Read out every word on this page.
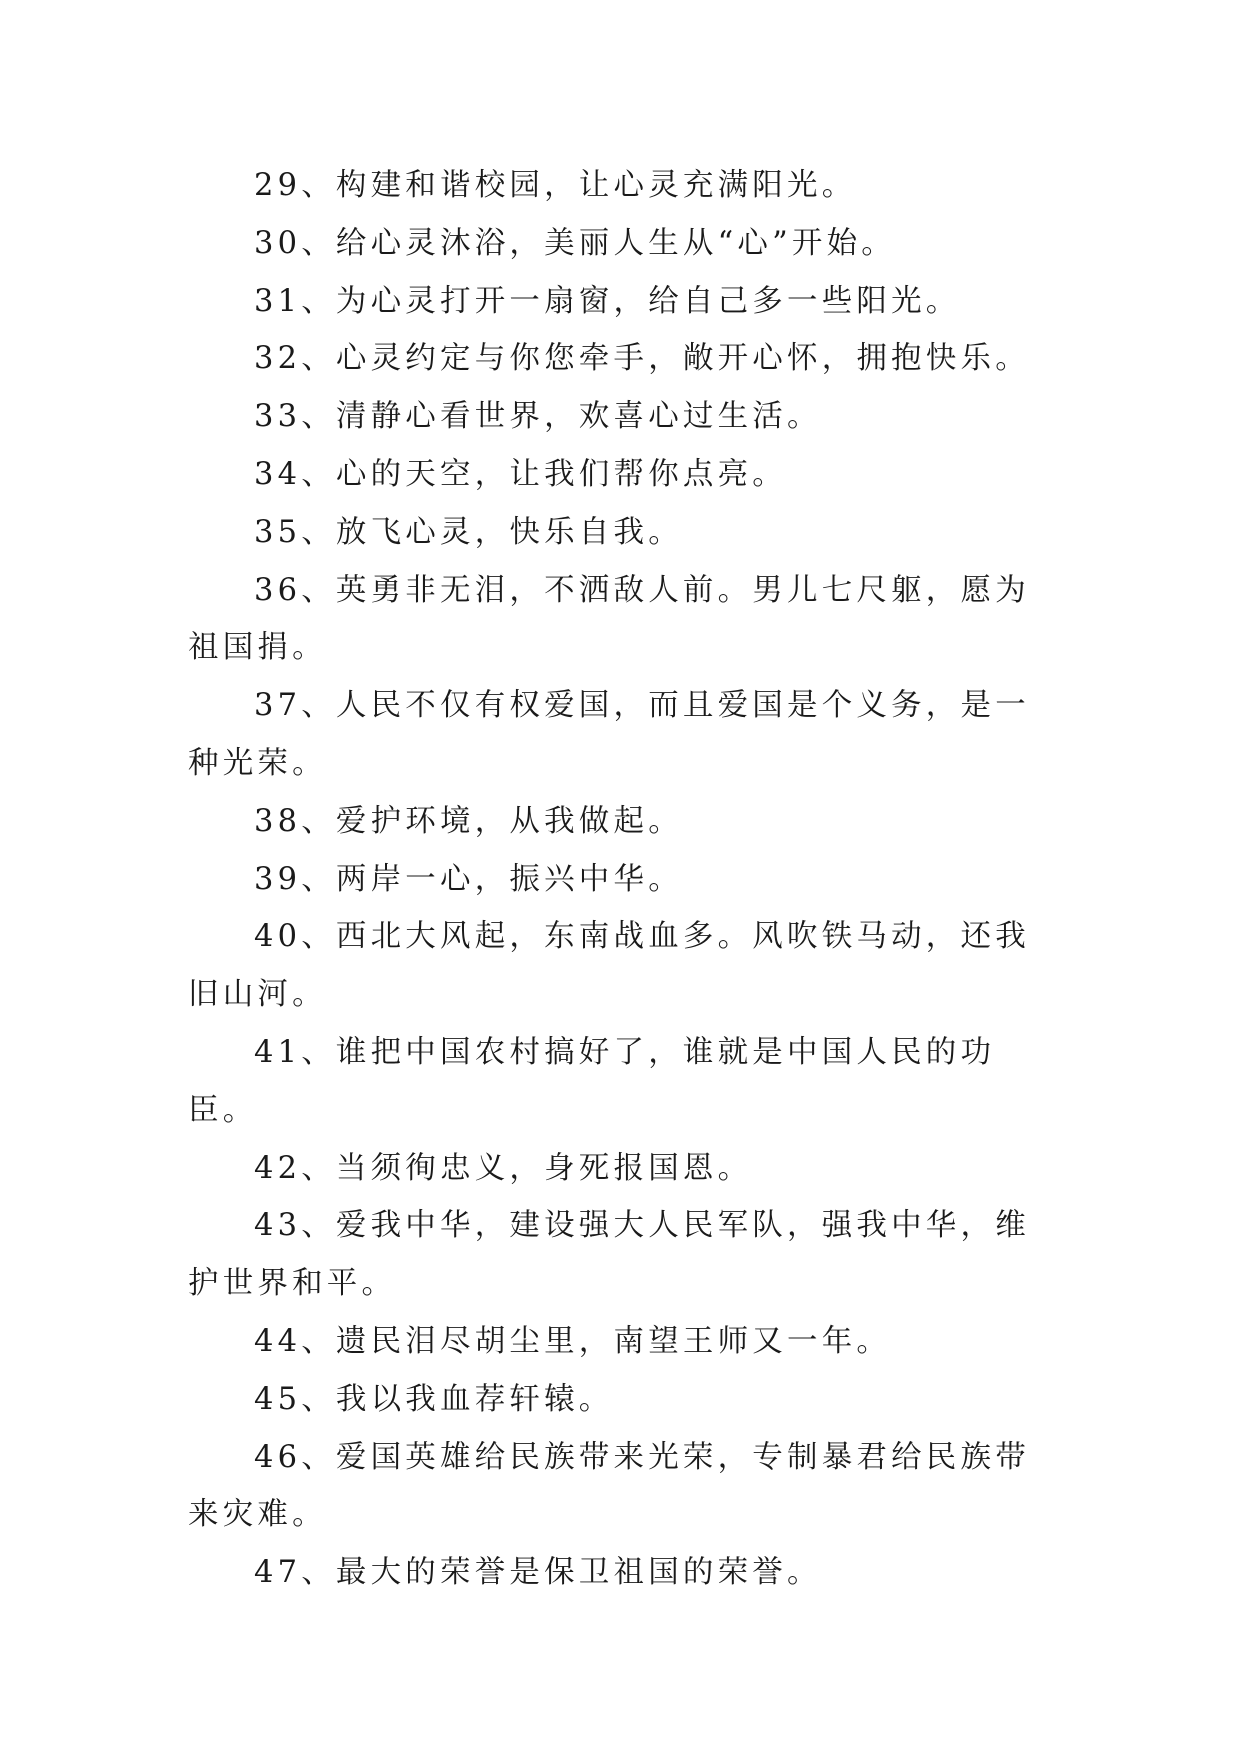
29、构建和谐校园，让心灵充满阳光。

30、给心灵沐浴，美丽人生从“心”开始。

31、为心灵打开一扇窗，给自己多一些阳光。

32、心灵约定与你您牵手，敞开心怀，拥抱快乐。

33、清静心看世界，欢喜心过生活。

34、心的天空，让我们帮你点亮。

35、放飞心灵，快乐自我。

36、英勇非无泪，不洒敌人前。男儿七尺躯，愿为祖国捐。

37、人民不仅有权爱国，而且爱国是个义务，是一种光荣。

38、爱护环境，从我做起。

39、两岸一心，振兴中华。

40、西北大风起，东南战血多。风吹铁马动，还我旧山河。

41、谁把中国农村搞好了，谁就是中国人民的功臣。

42、当须徇忠义，身死报国恩。

43、爱我中华，建设强大人民军队，强我中华，维护世界和平。

44、遗民泪尽胡尘里，南望王师又一年。

45、我以我血荐轩辕。

46、爱国英雄给民族带来光荣，专制暴君给民族带来灾难。

47、最大的荣誉是保卫祖国的荣誉。
